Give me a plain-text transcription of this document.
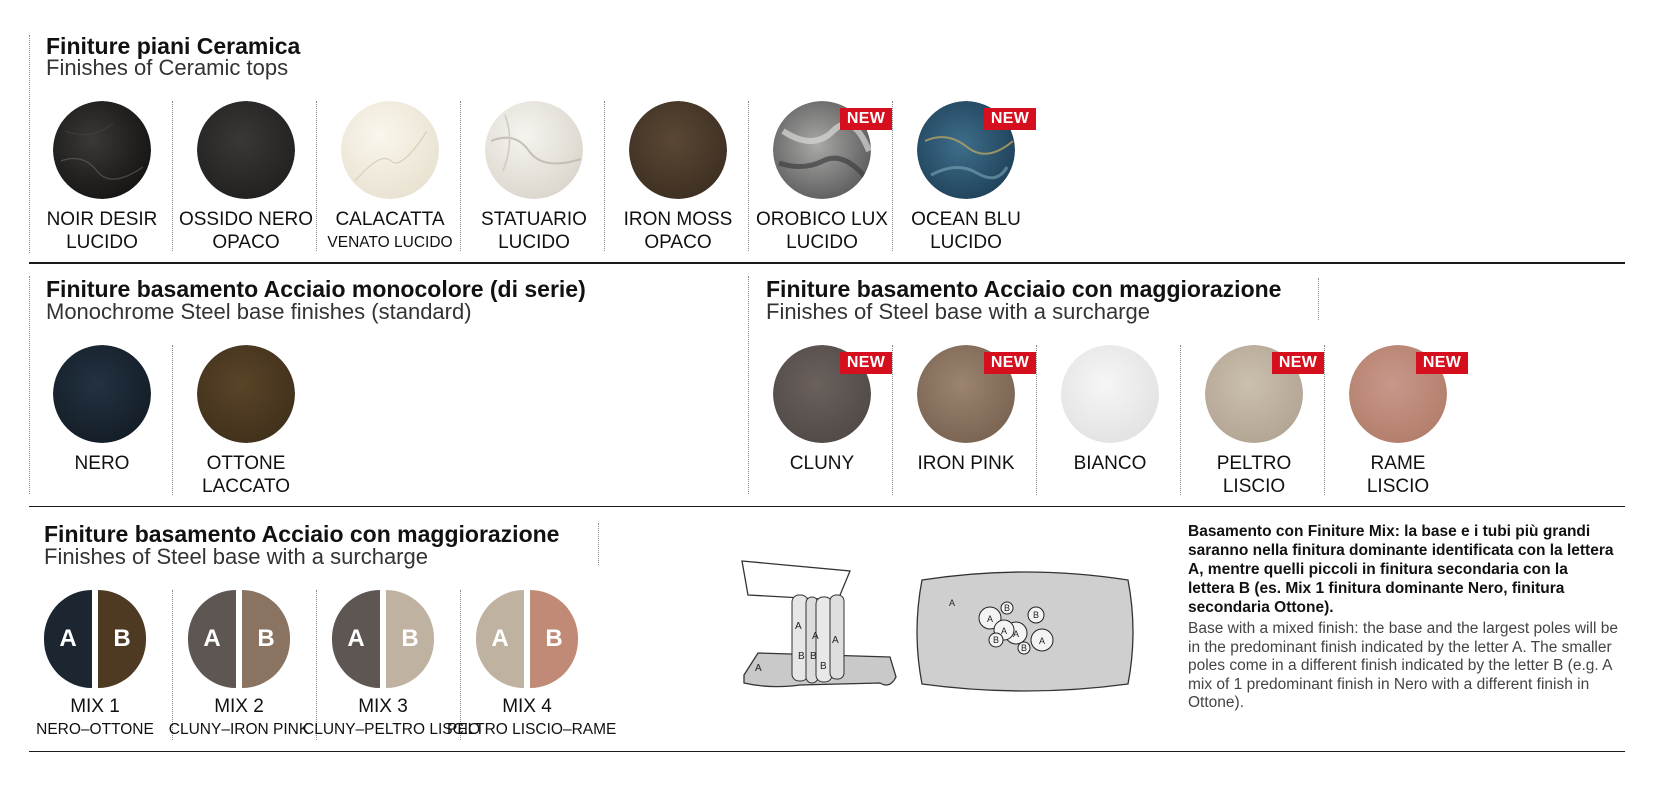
Finiture piani Ceramica
Finishes of Ceramic tops
NOIR DESIR
LUCIDO
OSSIDO NERO
OPACO
CALACATTA
VENATO LUCIDO
STATUARIO
LUCIDO
IRON MOSS
OPACO
NEW
OROBICO LUX
LUCIDO
NEW
OCEAN BLU
LUCIDO
Finiture basamento Acciaio monocolore (di serie)
Monochrome Steel base finishes (standard)
NERO	OTTONE
LACCATO
Finiture basamento Acciaio con maggiorazione
Finishes of Steel base with a surcharge
NEW
CLUNY
NEW
IRON PINK	BIANCO
NEW
PELTRO
LISCIO
NEW
RAME
LISCIO
Finiture basamento Acciaio con maggiorazione
Finishes of Steel base with a surcharge
A	B
MIX 1
NERO–OTTONE
A	B
MIX 2
CLUNY–IRON PINK
A	B
MIX 3
CLUNY–PELTRO LISCIO
A	B
MIX 4
PELTRO LISCIO–RAME
A
A
A A
B B
B
A
A
B
A
B
A
B
B
A
Basamento con Finiture Mix: la base e i tubi più grandi saranno nella finitura dominante identificata con la lettera A, mentre quelli piccoli in finitura secondaria con la lettera B (es. Mix 1 finitura dominante Nero, finitura secondaria Ottone).
Base with a mixed finish: the base and the largest poles will be in the predominant finish indicated by the letter A. The smaller poles come in a different finish indicated by the letter B (e.g. A mix of 1 predominant finish in Nero with a different finish in Ottone).
